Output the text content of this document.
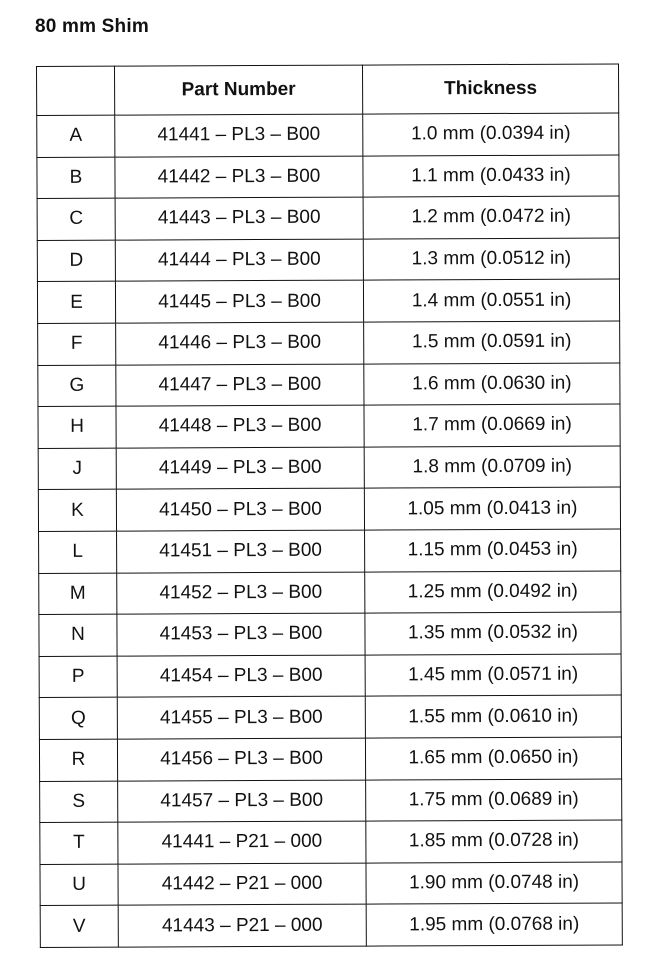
80 mm Shim
	Part Number	Thickness
A	41441 – PL3 – B00	1.0 mm (0.0394 in)
B	41442 – PL3 – B00	1.1 mm (0.0433 in)
C	41443 – PL3 – B00	1.2 mm (0.0472 in)
D	41444 – PL3 – B00	1.3 mm (0.0512 in)
E	41445 – PL3 – B00	1.4 mm (0.0551 in)
F	41446 – PL3 – B00	1.5 mm (0.0591 in)
G	41447 – PL3 – B00	1.6 mm (0.0630 in)
H	41448 – PL3 – B00	1.7 mm (0.0669 in)
J	41449 – PL3 – B00	1.8 mm (0.0709 in)
K	41450 – PL3 – B00	1.05 mm (0.0413 in)
L	41451 – PL3 – B00	1.15 mm (0.0453 in)
M	41452 – PL3 – B00	1.25 mm (0.0492 in)
N	41453 – PL3 – B00	1.35 mm (0.0532 in)
P	41454 – PL3 – B00	1.45 mm (0.0571 in)
Q	41455 – PL3 – B00	1.55 mm (0.0610 in)
R	41456 – PL3 – B00	1.65 mm (0.0650 in)
S	41457 – PL3 – B00	1.75 mm (0.0689 in)
T	41441 – P21 – 000	1.85 mm (0.0728 in)
U	41442 – P21 – 000	1.90 mm (0.0748 in)
V	41443 – P21 – 000	1.95 mm (0.0768 in)
